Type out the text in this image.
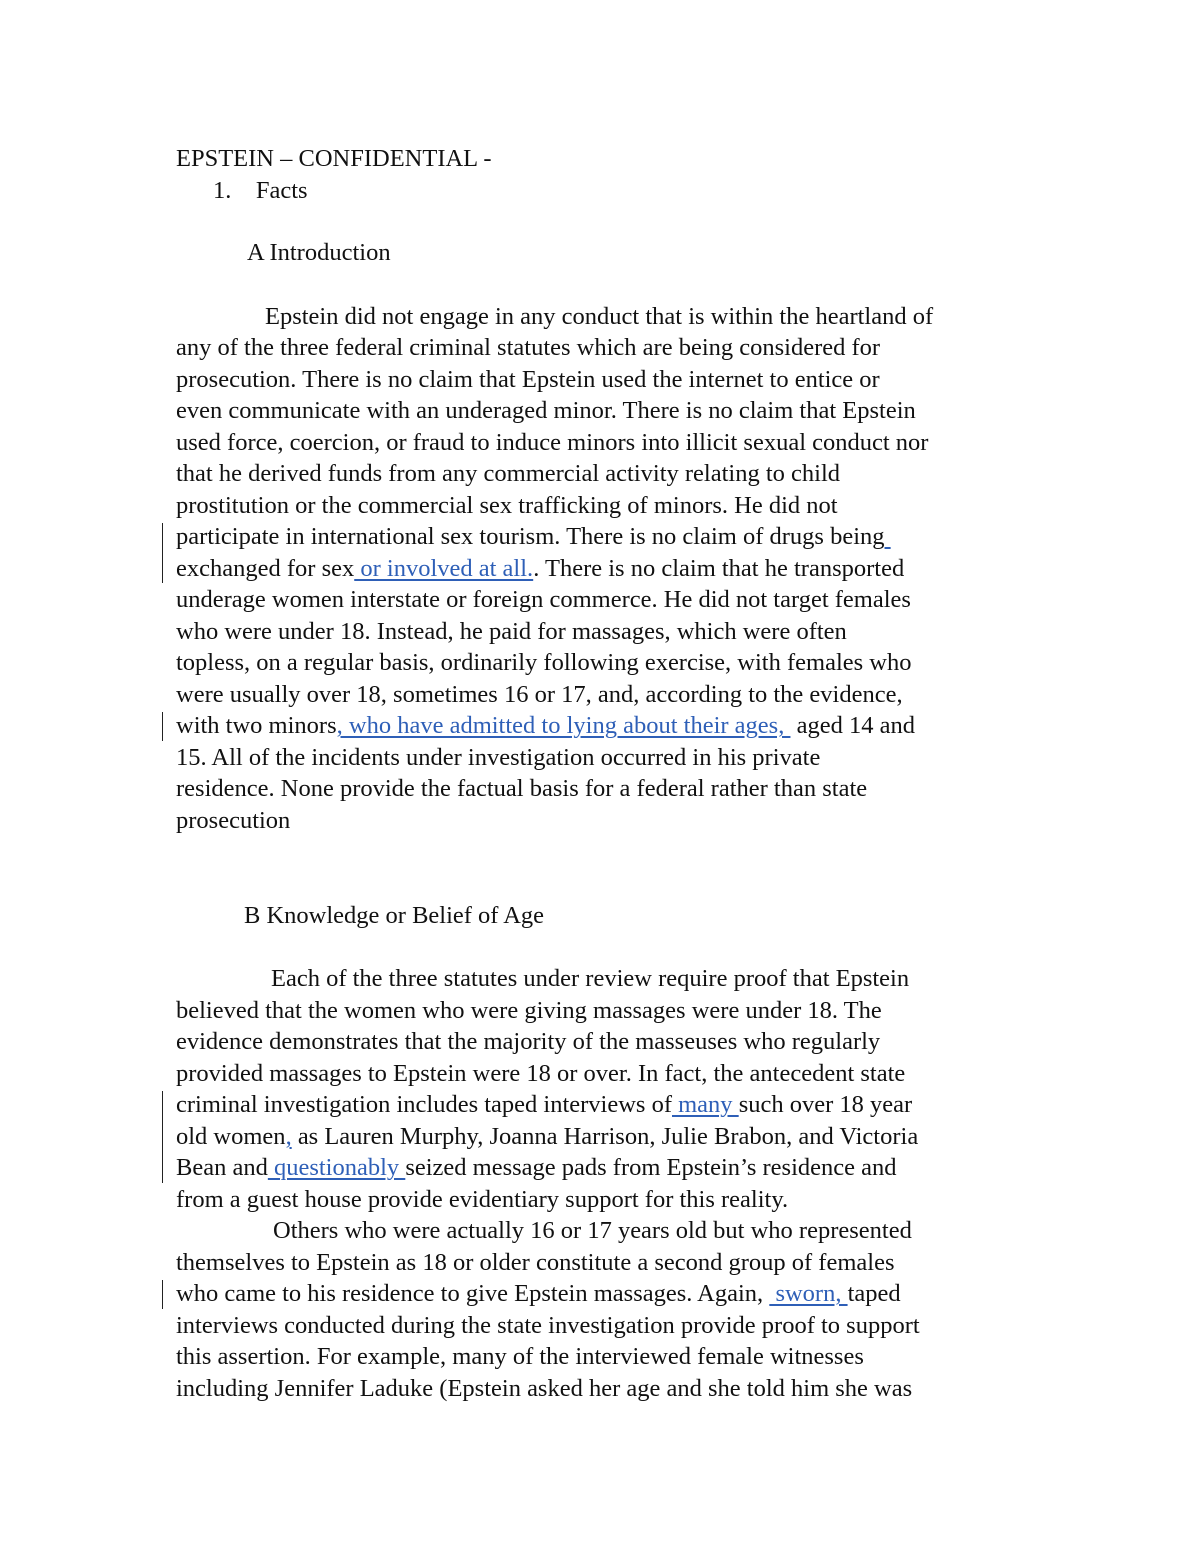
EPSTEIN – CONFIDENTIAL -
1. Facts
A Introduction
Epstein did not engage in any conduct that is within the heartland of
any of the three federal criminal statutes which are being considered for
prosecution. There is no claim that Epstein used the internet to entice or
even communicate with an underaged minor. There is no claim that Epstein
used force, coercion, or fraud to induce minors into illicit sexual conduct nor
that he derived funds from any commercial activity relating to child
prostitution or the commercial sex trafficking of minors. He did not
participate in international sex tourism. There is no claim of drugs being
exchanged for sex or involved at all.. There is no claim that he transported
underage women interstate or foreign commerce. He did not target females
who were under 18. Instead, he paid for massages, which were often
topless, on a regular basis, ordinarily following exercise, with females who
were usually over 18, sometimes 16 or 17, and, according to the evidence,
with two minors, who have admitted to lying about their ages,  aged 14 and
15. All of the incidents under investigation occurred in his private
residence. None provide the factual basis for a federal rather than state
prosecution
B Knowledge or Belief of Age
Each of the three statutes under review require proof that Epstein
believed that the women who were giving massages were under 18. The
evidence demonstrates that the majority of the masseuses who regularly
provided massages to Epstein were 18 or over. In fact, the antecedent state
criminal investigation includes taped interviews of many such over 18 year
old women, as Lauren Murphy, Joanna Harrison, Julie Brabon, and Victoria
Bean and questionably seized message pads from Epstein’s residence and
from a guest house provide evidentiary support for this reality.
Others who were actually 16 or 17 years old but who represented
themselves to Epstein as 18 or older constitute a second group of females
who came to his residence to give Epstein massages. Again,  sworn, taped
interviews conducted during the state investigation provide proof to support
this assertion. For example, many of the interviewed female witnesses
including Jennifer Laduke (Epstein asked her age and she told him she was
